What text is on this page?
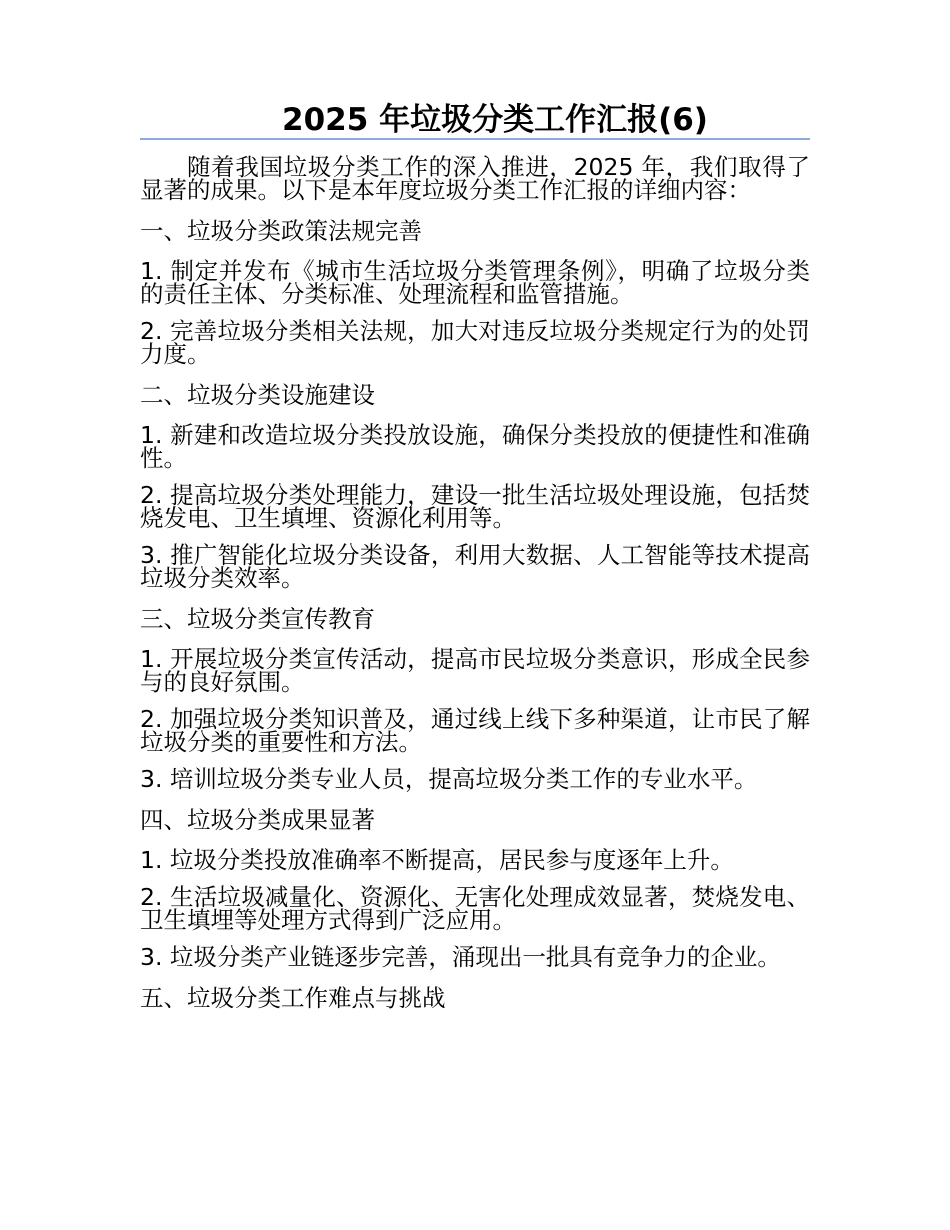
2025 年垃圾分类工作汇报(6)

随着我国垃圾分类工作的深入推进，2025 年，我们取得了显著的成果。以下是本年度垃圾分类工作汇报的详细内容：

一、垃圾分类政策法规完善

1. 制定并发布《城市生活垃圾分类管理条例》，明确了垃圾分类的责任主体、分类标准、处理流程和监管措施。

2. 完善垃圾分类相关法规，加大对违反垃圾分类规定行为的处罚力度。

二、垃圾分类设施建设

1. 新建和改造垃圾分类投放设施，确保分类投放的便捷性和准确性。

2. 提高垃圾分类处理能力，建设一批生活垃圾处理设施，包括焚烧发电、卫生填埋、资源化利用等。

3. 推广智能化垃圾分类设备，利用大数据、人工智能等技术提高垃圾分类效率。

三、垃圾分类宣传教育

1. 开展垃圾分类宣传活动，提高市民垃圾分类意识，形成全民参与的良好氛围。

2. 加强垃圾分类知识普及，通过线上线下多种渠道，让市民了解垃圾分类的重要性和方法。

3. 培训垃圾分类专业人员，提高垃圾分类工作的专业水平。

四、垃圾分类成果显著

1. 垃圾分类投放准确率不断提高，居民参与度逐年上升。

2. 生活垃圾减量化、资源化、无害化处理成效显著，焚烧发电、卫生填埋等处理方式得到广泛应用。

3. 垃圾分类产业链逐步完善，涌现出一批具有竞争力的企业。

五、垃圾分类工作难点与挑战
